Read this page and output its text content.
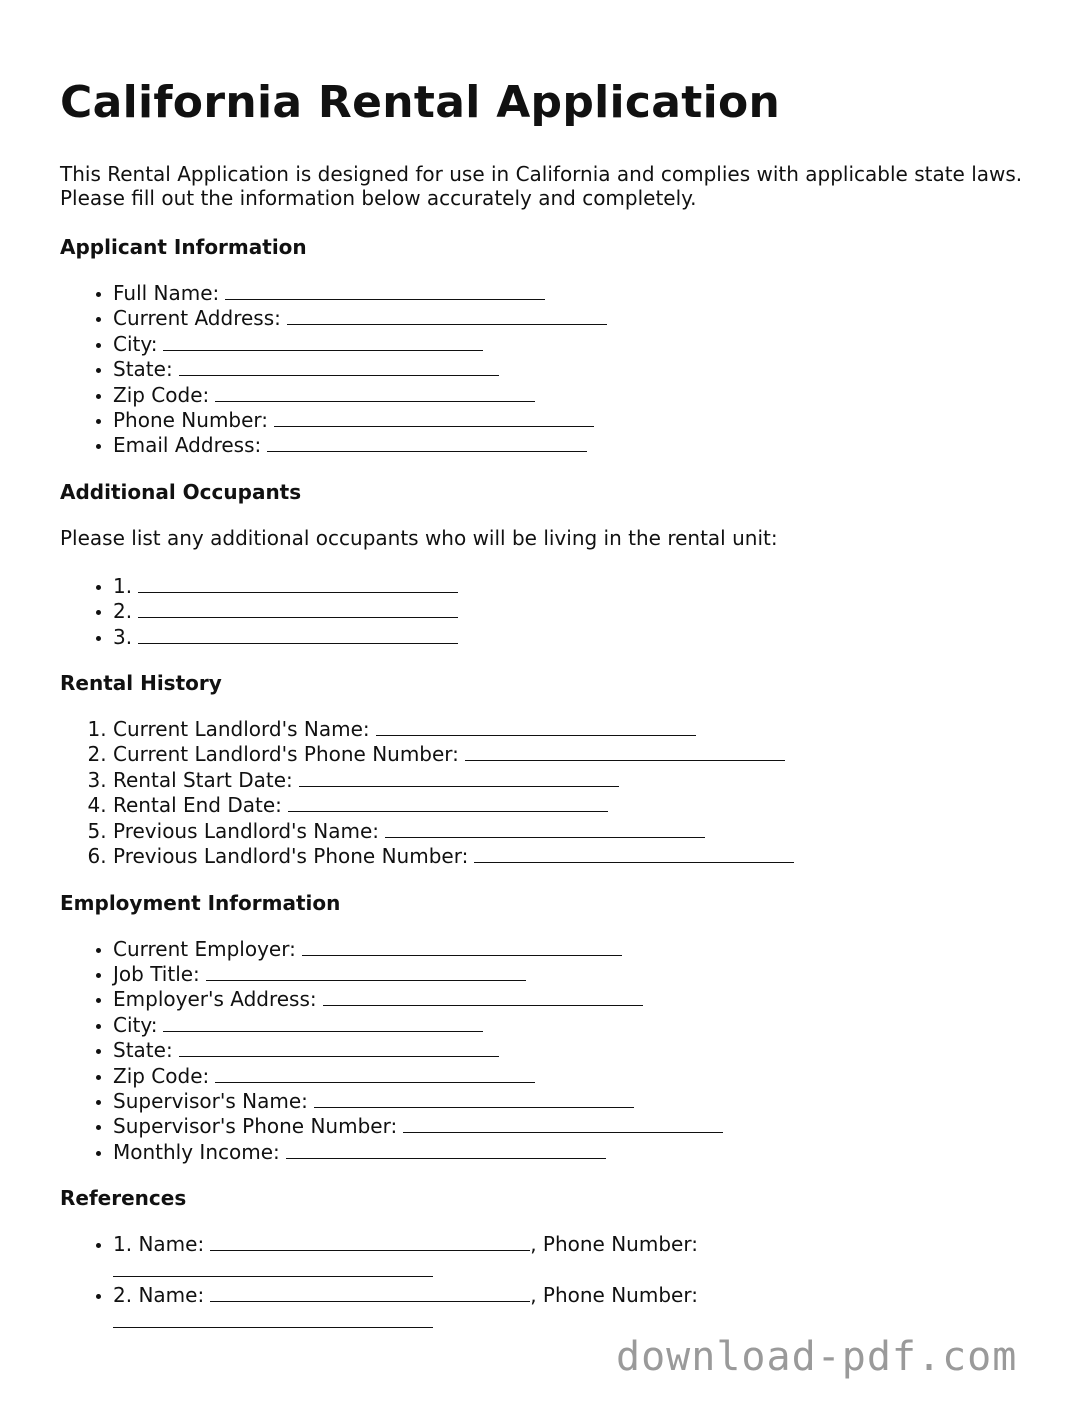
California Rental Application

This Rental Application is designed for use in California and complies with applicable state laws. Please fill out the information below accurately and completely.

Applicant Information
• Full Name:
• Current Address:
• City:
• State:
• Zip Code:
• Phone Number:
• Email Address:
Additional Occupants

Please list any additional occupants who will be living in the rental unit:

• 1.
• 2.
• 3.
Rental History
1. Current Landlord's Name:
2. Current Landlord's Phone Number:
3. Rental Start Date:
4. Rental End Date:
5. Previous Landlord's Name:
6. Previous Landlord's Phone Number:
Employment Information
• Current Employer:
• Job Title:
• Employer's Address:
• City:
• State:
• Zip Code:
• Supervisor's Name:
• Supervisor's Phone Number:
• Monthly Income:
References
• 1. Name:	, Phone Number:

• 2. Name:	, Phone Number:

download-pdf.com
